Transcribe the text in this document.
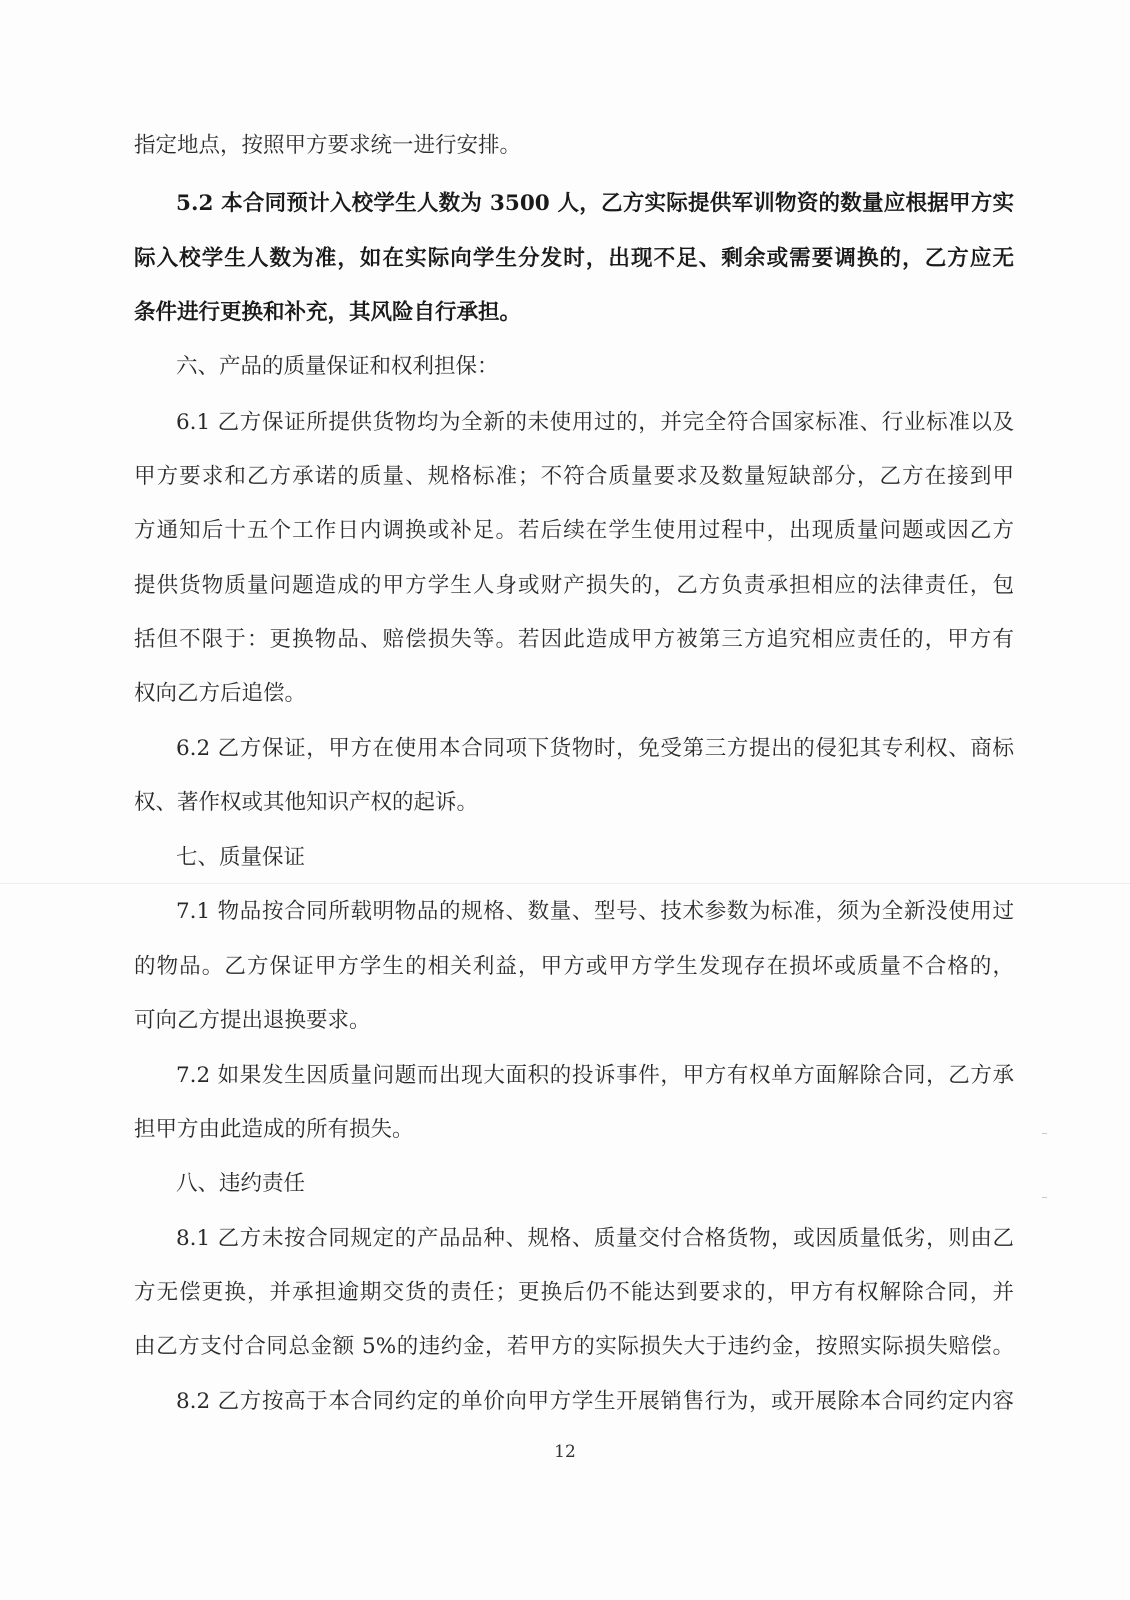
指定地点，按照甲方要求统一进行安排。
5.2 本合同预计入校学生人数为 3500 人，乙方实际提供军训物资的数量应根据甲方实
际入校学生人数为准，如在实际向学生分发时，出现不足、剩余或需要调换的，乙方应无
条件进行更换和补充，其风险自行承担。
六、产品的质量保证和权利担保：
6.1 乙方保证所提供货物均为全新的未使用过的，并完全符合国家标准、行业标准以及
甲方要求和乙方承诺的质量、规格标准；不符合质量要求及数量短缺部分，乙方在接到甲
方通知后十五个工作日内调换或补足。若后续在学生使用过程中，出现质量问题或因乙方
提供货物质量问题造成的甲方学生人身或财产损失的，乙方负责承担相应的法律责任，包
括但不限于：更换物品、赔偿损失等。若因此造成甲方被第三方追究相应责任的，甲方有
权向乙方后追偿。
6.2 乙方保证，甲方在使用本合同项下货物时，免受第三方提出的侵犯其专利权、商标
权、著作权或其他知识产权的起诉。
七、质量保证
7.1 物品按合同所载明物品的规格、数量、型号、技术参数为标准，须为全新没使用过
的物品。乙方保证甲方学生的相关利益，甲方或甲方学生发现存在损坏或质量不合格的，
可向乙方提出退换要求。
7.2 如果发生因质量问题而出现大面积的投诉事件，甲方有权单方面解除合同，乙方承
担甲方由此造成的所有损失。
八、违约责任
8.1 乙方未按合同规定的产品品种、规格、质量交付合格货物，或因质量低劣，则由乙
方无偿更换，并承担逾期交货的责任；更换后仍不能达到要求的，甲方有权解除合同，并
由乙方支付合同总金额 5%的违约金，若甲方的实际损失大于违约金，按照实际损失赔偿。
8.2 乙方按高于本合同约定的单价向甲方学生开展销售行为，或开展除本合同约定内容
12
